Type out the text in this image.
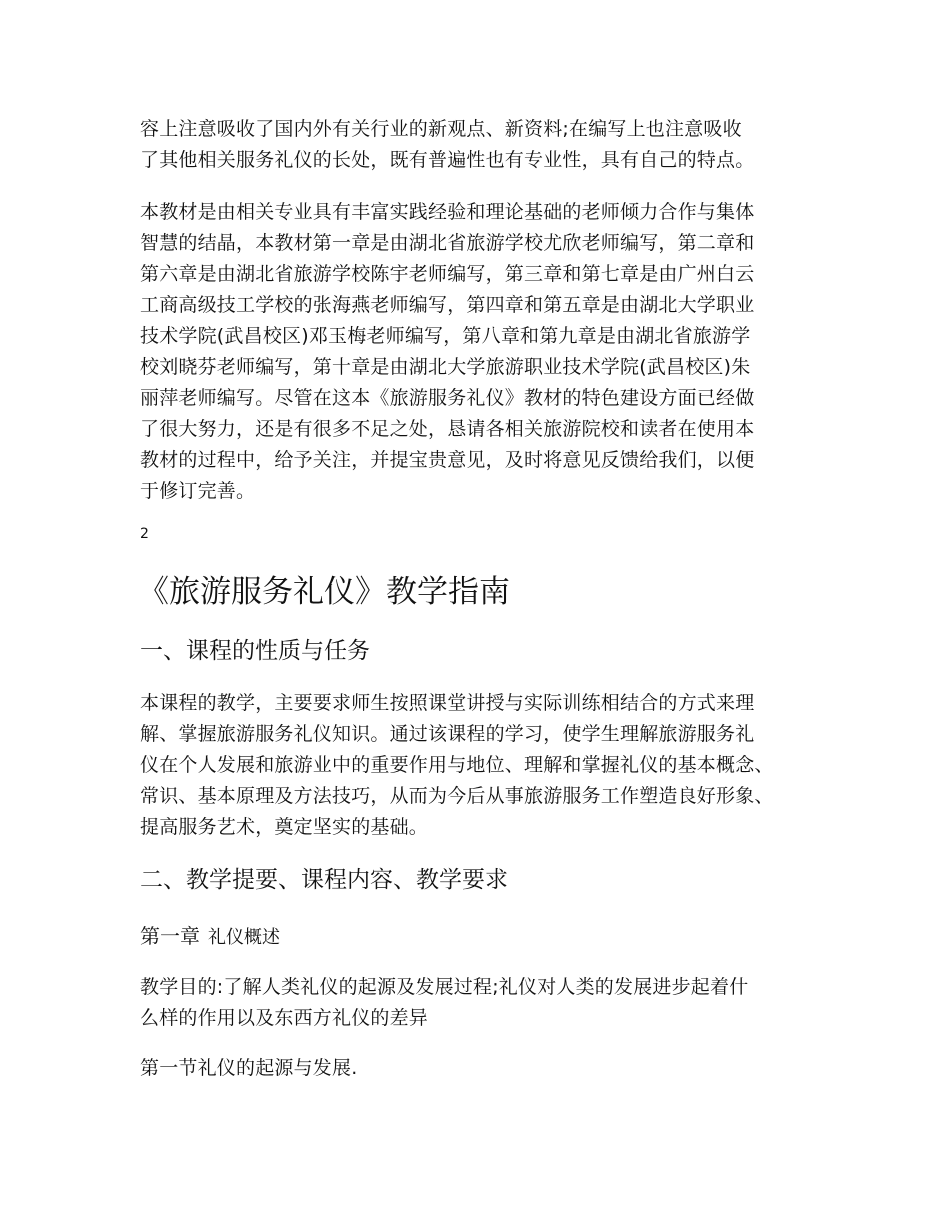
容上注意吸收了国内外有关行业的新观点、新资料;在编写上也注意吸收
了其他相关服务礼仪的长处，既有普遍性也有专业性，具有自己的特点。

本教材是由相关专业具有丰富实践经验和理论基础的老师倾力合作与集体
智慧的结晶，本教材第一章是由湖北省旅游学校尤欣老师编写，第二章和
第六章是由湖北省旅游学校陈宇老师编写，第三章和第七章是由广州白云
工商高级技工学校的张海燕老师编写，第四章和第五章是由湖北大学职业
技术学院(武昌校区)邓玉梅老师编写，第八章和第九章是由湖北省旅游学
校刘晓芬老师编写，第十章是由湖北大学旅游职业技术学院(武昌校区)朱
丽萍老师编写。尽管在这本《旅游服务礼仪》教材的特色建设方面已经做
了很大努力，还是有很多不足之处，恳请各相关旅游院校和读者在使用本
教材的过程中，给予关注，并提宝贵意见，及时将意见反馈给我们，以便
于修订完善。

2

《旅游服务礼仪》教学指南
一、课程的性质与任务

本课程的教学，主要要求师生按照课堂讲授与实际训练相结合的方式来理
解、掌握旅游服务礼仪知识。通过该课程的学习，使学生理解旅游服务礼
仪在个人发展和旅游业中的重要作用与地位、理解和掌握礼仪的基本概念、
常识、基本原理及方法技巧，从而为今后从事旅游服务工作塑造良好形象、
提高服务艺术，奠定坚实的基础。

二、教学提要、课程内容、教学要求
第一章 礼仪概述

教学目的:了解人类礼仪的起源及发展过程;礼仪对人类的发展进步起着什
么样的作用以及东西方礼仪的差异

第一节礼仪的起源与发展.
